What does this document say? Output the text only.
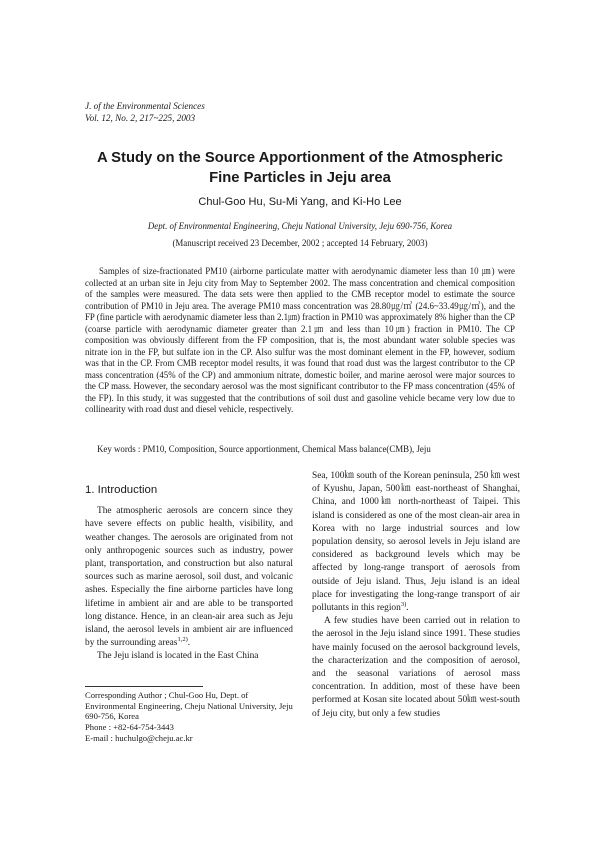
J. of the Environmental Sciences
Vol. 12, No. 2, 217~225, 2003
A Study on the Source Apportionment of the Atmospheric
Fine Particles in Jeju area
Chul-Goo Hu, Su-Mi Yang, and Ki-Ho Lee
Dept. of Environmental Engineering, Cheju National University, Jeju 690-756, Korea
(Manuscript received 23 December, 2002 ; accepted 14 February, 2003)

Samples of size-fractionated PM10 (airborne particulate matter with aerodynamic diameter less than 10 ㎛) were collected at an urban site in Jeju city from May to September 2002. The mass concentration and chemical composition of the samples were measured. The data sets were then applied to the CMB receptor model to estimate the source contribution of PM10 in Jeju area. The average PM10 mass concentration was 28.80㎍/㎥ (24.6~33.49㎍/㎥), and the FP (fine particle with aerodynamic diameter less than 2.1㎛) fraction in PM10 was approximately 8% higher than the CP (coarse particle with aerodynamic diameter greater than 2.1㎛ and less than 10㎛) fraction in PM10. The CP composition was obviously different from the FP composition, that is, the most abundant water soluble species was nitrate ion in the FP, but sulfate ion in the CP. Also sulfur was the most dominant element in the FP, however, sodium was that in the CP. From CMB receptor model results, it was found that road dust was the largest contributor to the CP mass concentration (45% of the CP) and ammonium nitrate, domestic boiler, and marine aerosol were major sources to the CP mass. However, the secondary aerosol was the most significant contributor to the FP mass concentration (45% of the FP). In this study, it was suggested that the contributions of soil dust and gasoline vehicle became very low due to collinearity with road dust and diesel vehicle, respectively.

Key words : PM10, Composition, Source apportionment, Chemical Mass balance(CMB), Jeju
1. Introduction

The atmospheric aerosols are concern since they have severe effects on public health, visibility, and weather changes. The aerosols are originated from not only anthropogenic sources such as industry, power plant, transportation, and construction but also natural sources such as marine aerosol, soil dust, and volcanic ashes. Especially the fine airborne particles have long lifetime in ambient air and are able to be transported long distance. Hence, in an clean-air area such as Jeju island, the aerosol levels in ambient air are influenced by the surrounding areas$^{1,2)}$.

The Jeju island is located in the East China

Sea, 100㎞ south of the Korean peninsula, 250 ㎞ west of Kyushu, Japan, 500㎞ east-northeast of Shanghai, China, and 1000㎞ north-northeast of Taipei. This island is considered as one of the most clean-air area in Korea with no large industrial sources and low population density, so aerosol levels in Jeju island are considered as background levels which may be affected by long-range transport of aerosols from outside of Jeju island. Thus, Jeju island is an ideal place for investigating the long-range transport of air pollutants in this region$^{3)}$.

A few studies have been carried out in relation to the aerosol in the Jeju island since 1991. These studies have mainly focused on the aerosol background levels, the characterization and the composition of aerosol, and the seasonal variations of aerosol mass concentration. In addition, most of these have been performed at Kosan site located about 50㎞ west-south of Jeju city, but only a few studies

Corresponding Author ; Chul-Goo Hu, Dept. of Environmental Engineering, Cheju National University, Jeju 690-756, Korea
Phone : +82-64-754-3443
E-mail : huchulgo@cheju.ac.kr
